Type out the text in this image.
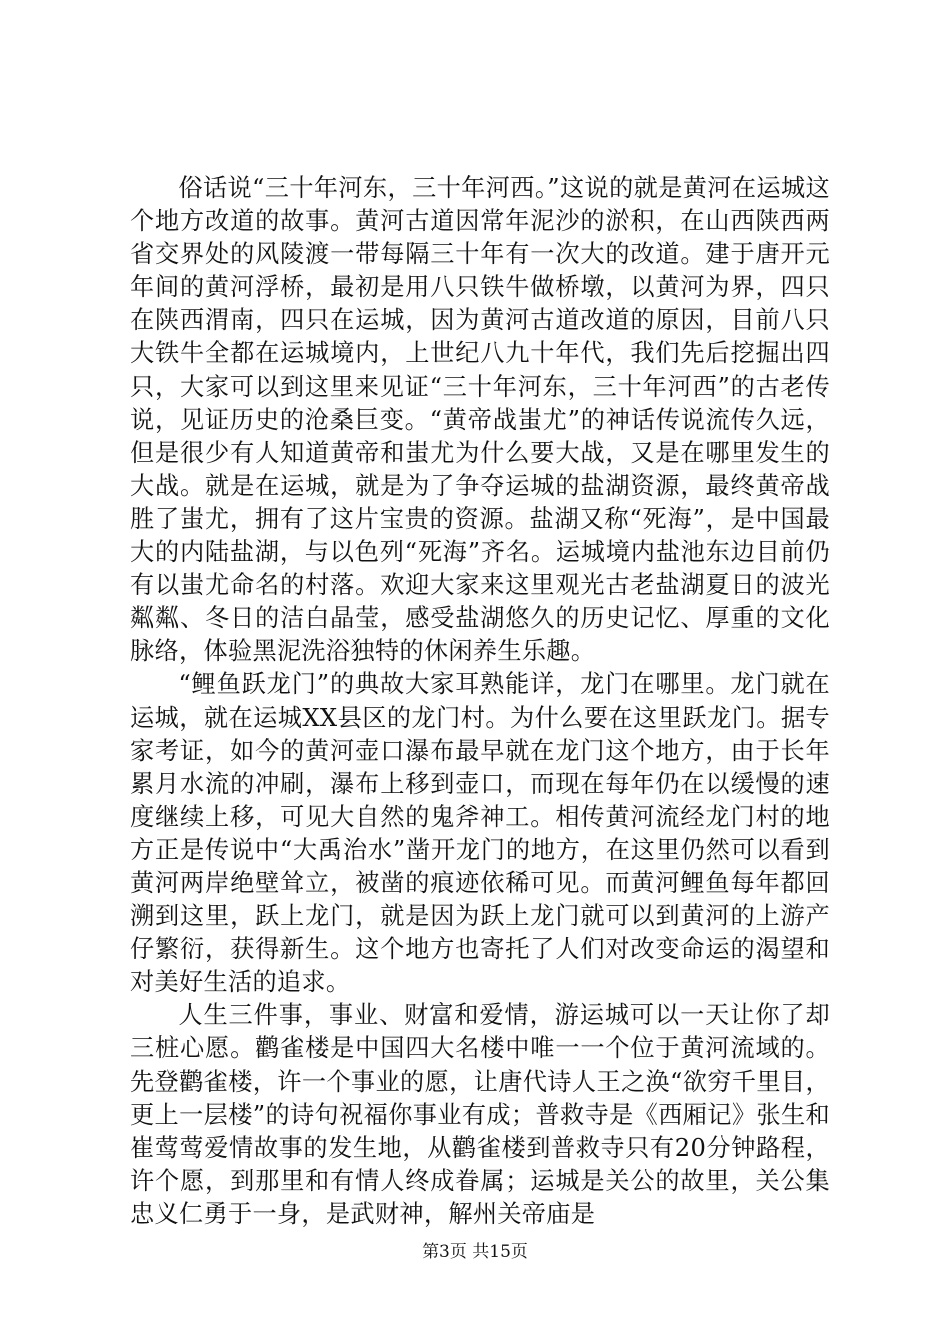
俗话说“三十年河东，三十年河西。”这说的就是黄河在运城这个地方改道的故事。黄河古道因常年泥沙的淤积，在山西陕西两省交界处的风陵渡一带每隔三十年有一次大的改道。建于唐开元年间的黄河浮桥，最初是用八只铁牛做桥墩，以黄河为界，四只在陕西渭南，四只在运城，因为黄河古道改道的原因，目前八只大铁牛全都在运城境内，上世纪八九十年代，我们先后挖掘出四只，大家可以到这里来见证“三十年河东，三十年河西”的古老传说，见证历史的沧桑巨变。“黄帝战蚩尤”的神话传说流传久远，但是很少有人知道黄帝和蚩尤为什么要大战，又是在哪里发生的大战。就是在运城，就是为了争夺运城的盐湖资源，最终黄帝战胜了蚩尤，拥有了这片宝贵的资源。盐湖又称“死海”，是中国最大的内陆盐湖，与以色列“死海”齐名。运城境内盐池东边目前仍有以蚩尤命名的村落。欢迎大家来这里观光古老盐湖夏日的波光粼粼、冬日的洁白晶莹，感受盐湖悠久的历史记忆、厚重的文化脉络，体验黑泥洗浴独特的休闲养生乐趣。

“鲤鱼跃龙门”的典故大家耳熟能详，龙门在哪里。龙门就在运城，就在运城XX县区的龙门村。为什么要在这里跃龙门。据专家考证，如今的黄河壶口瀑布最早就在龙门这个地方，由于长年累月水流的冲刷，瀑布上移到壶口，而现在每年仍在以缓慢的速度继续上移，可见大自然的鬼斧神工。相传黄河流经龙门村的地方正是传说中“大禹治水”凿开龙门的地方，在这里仍然可以看到黄河两岸绝壁耸立，被凿的痕迹依稀可见。而黄河鲤鱼每年都回溯到这里，跃上龙门，就是因为跃上龙门就可以到黄河的上游产仔繁衍，获得新生。这个地方也寄托了人们对改变命运的渴望和对美好生活的追求。

人生三件事，事业、财富和爱情，游运城可以一天让你了却三桩心愿。鹳雀楼是中国四大名楼中唯一一个位于黄河流域的。先登鹳雀楼，许一个事业的愿，让唐代诗人王之涣“欲穷千里目，更上一层楼”的诗句祝福你事业有成；普救寺是《西厢记》张生和崔莺莺爱情故事的发生地，从鹳雀楼到普救寺只有20分钟路程，许个愿，到那里和有情人终成眷属；运城是关公的故里，关公集忠义仁勇于一身，是武财神，解州关帝庙是

第3页 共15页
